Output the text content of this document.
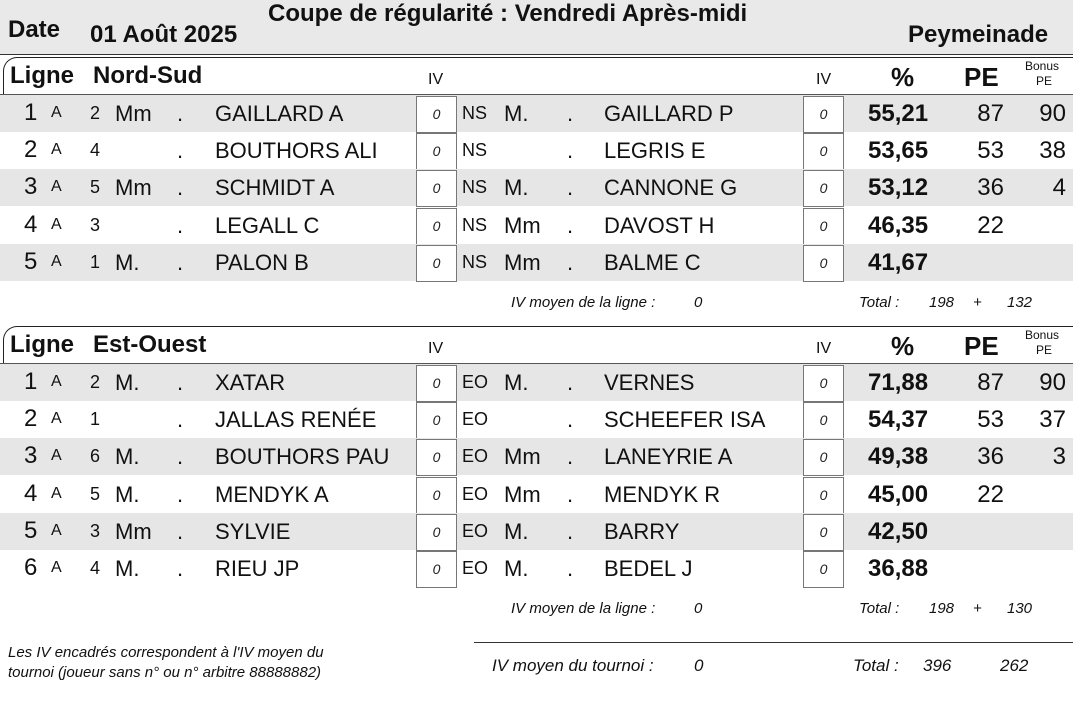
Date 01 Août 2025
Coupe de régularité : Vendredi Après-midi
Peymeinade
Ligne Nord-Sud	IV	IV % PE Bonus
PE
1 A 2 Mm . GAILLARD A	0	NS M. . GAILLARD P	0	55,21 87 90
2 A 4	. BOUTHORS ALI	0	NS	. LEGRIS E	0	53,65 53 38
3 A 5 Mm . SCHMIDT A	0	NS M. . CANNONE G	0	53,12 36 4
4 A 3	. LEGALL C	0	NS Mm . DAVOST H	0	46,35 22
5 A 1 M. . PALON B	0	NS Mm . BALME C	0	41,67
IV moyen de la ligne :	0	Total : 198 + 132
Ligne Est-Ouest	IV	IV % PE Bonus
PE
1 A 2 M. . XATAR	0	EO M. . VERNES	0	71,88 87 90
2 A 1	. JALLAS RENÉE	0	EO	. SCHEEFER ISA	0	54,37 53 37
3 A 6 M. . BOUTHORS PAU	0	EO Mm . LANEYRIE A	0	49,38 36 3
4 A 5 M. . MENDYK A	0	EO Mm . MENDYK R	0	45,00 22
5 A 3 Mm . SYLVIE	0	EO M. . BARRY	0	42,50
6 A 4 M. . RIEU JP	0	EO M. . BEDEL J	0	36,88
IV moyen de la ligne :	0	Total : 198 + 130
Les IV encadrés correspondent à l'IV moyen du
tournoi (joueur sans n° ou n° arbitre 88888882)	IV moyen du tournoi : 0	Total : 396	262
